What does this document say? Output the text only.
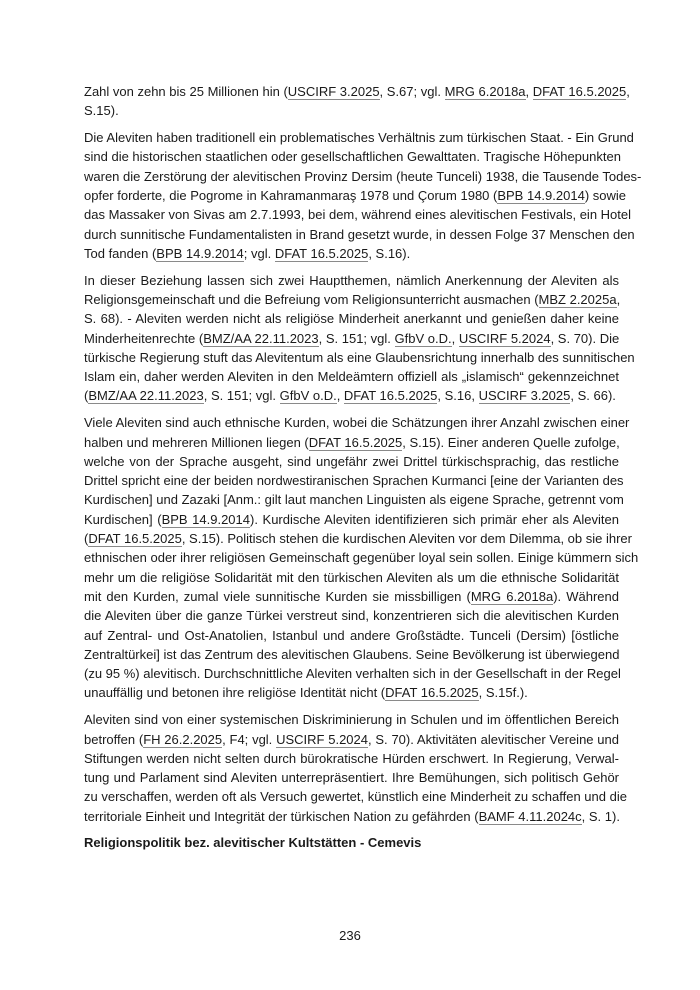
Zahl von zehn bis 25 Millionen hin (USCIRF 3.2025, S.67; vgl. MRG 6.2018a, DFAT 16.5.2025,
S.15).
Die Aleviten haben traditionell ein problematisches Verhältnis zum türkischen Staat. - Ein Grund
sind die historischen staatlichen oder gesellschaftlichen Gewalttaten. Tragische Höhepunkten
waren die Zerstörung der alevitischen Provinz Dersim (heute Tunceli) 1938, die Tausende Todes-
opfer forderte, die Pogrome in Kahramanmaraş 1978 und Çorum 1980 (BPB 14.9.2014) sowie
das Massaker von Sivas am 2.7.1993, bei dem, während eines alevitischen Festivals, ein Hotel
durch sunnitische Fundamentalisten in Brand gesetzt wurde, in dessen Folge 37 Menschen den
Tod fanden (BPB 14.9.2014; vgl. DFAT 16.5.2025, S.16).
In dieser Beziehung lassen sich zwei Hauptthemen, nämlich Anerkennung der Aleviten als
Religionsgemeinschaft und die Befreiung vom Religionsunterricht ausmachen (MBZ 2.2025a,
S. 68). - Aleviten werden nicht als religiöse Minderheit anerkannt und genießen daher keine
Minderheitenrechte (BMZ/AA 22.11.2023, S. 151; vgl. GfbV o.D., USCIRF 5.2024, S. 70). Die
türkische Regierung stuft das Alevitentum als eine Glaubensrichtung innerhalb des sunnitischen
Islam ein, daher werden Aleviten in den Meldeämtern offiziell als „islamisch“ gekennzeichnet
(BMZ/AA 22.11.2023, S. 151; vgl. GfbV o.D., DFAT 16.5.2025, S.16, USCIRF 3.2025, S. 66).
Viele Aleviten sind auch ethnische Kurden, wobei die Schätzungen ihrer Anzahl zwischen einer
halben und mehreren Millionen liegen (DFAT 16.5.2025, S.15). Einer anderen Quelle zufolge,
welche von der Sprache ausgeht, sind ungefähr zwei Drittel türkischsprachig, das restliche
Drittel spricht eine der beiden nordwestiranischen Sprachen Kurmanci [eine der Varianten des
Kurdischen] und Zazaki [Anm.: gilt laut manchen Linguisten als eigene Sprache, getrennt vom
Kurdischen] (BPB 14.9.2014). Kurdische Aleviten identifizieren sich primär eher als Aleviten
(DFAT 16.5.2025, S.15). Politisch stehen die kurdischen Aleviten vor dem Dilemma, ob sie ihrer
ethnischen oder ihrer religiösen Gemeinschaft gegenüber loyal sein sollen. Einige kümmern sich
mehr um die religiöse Solidarität mit den türkischen Aleviten als um die ethnische Solidarität
mit den Kurden, zumal viele sunnitische Kurden sie missbilligen (MRG 6.2018a). Während
die Aleviten über die ganze Türkei verstreut sind, konzentrieren sich die alevitischen Kurden
auf Zentral- und Ost-Anatolien, Istanbul und andere Großstädte. Tunceli (Dersim) [östliche
Zentraltürkei] ist das Zentrum des alevitischen Glaubens. Seine Bevölkerung ist überwiegend
(zu 95 %) alevitisch. Durchschnittliche Aleviten verhalten sich in der Gesellschaft in der Regel
unauffällig und betonen ihre religiöse Identität nicht (DFAT 16.5.2025, S.15f.).
Aleviten sind von einer systemischen Diskriminierung in Schulen und im öffentlichen Bereich
betroffen (FH 26.2.2025, F4; vgl. USCIRF 5.2024, S. 70). Aktivitäten alevitischer Vereine und
Stiftungen werden nicht selten durch bürokratische Hürden erschwert. In Regierung, Verwal-
tung und Parlament sind Aleviten unterrepräsentiert. Ihre Bemühungen, sich politisch Gehör
zu verschaffen, werden oft als Versuch gewertet, künstlich eine Minderheit zu schaffen und die
territoriale Einheit und Integrität der türkischen Nation zu gefährden (BAMF 4.11.2024c, S. 1).
Religionspolitik bez. alevitischer Kultstätten - Cemevis
236
